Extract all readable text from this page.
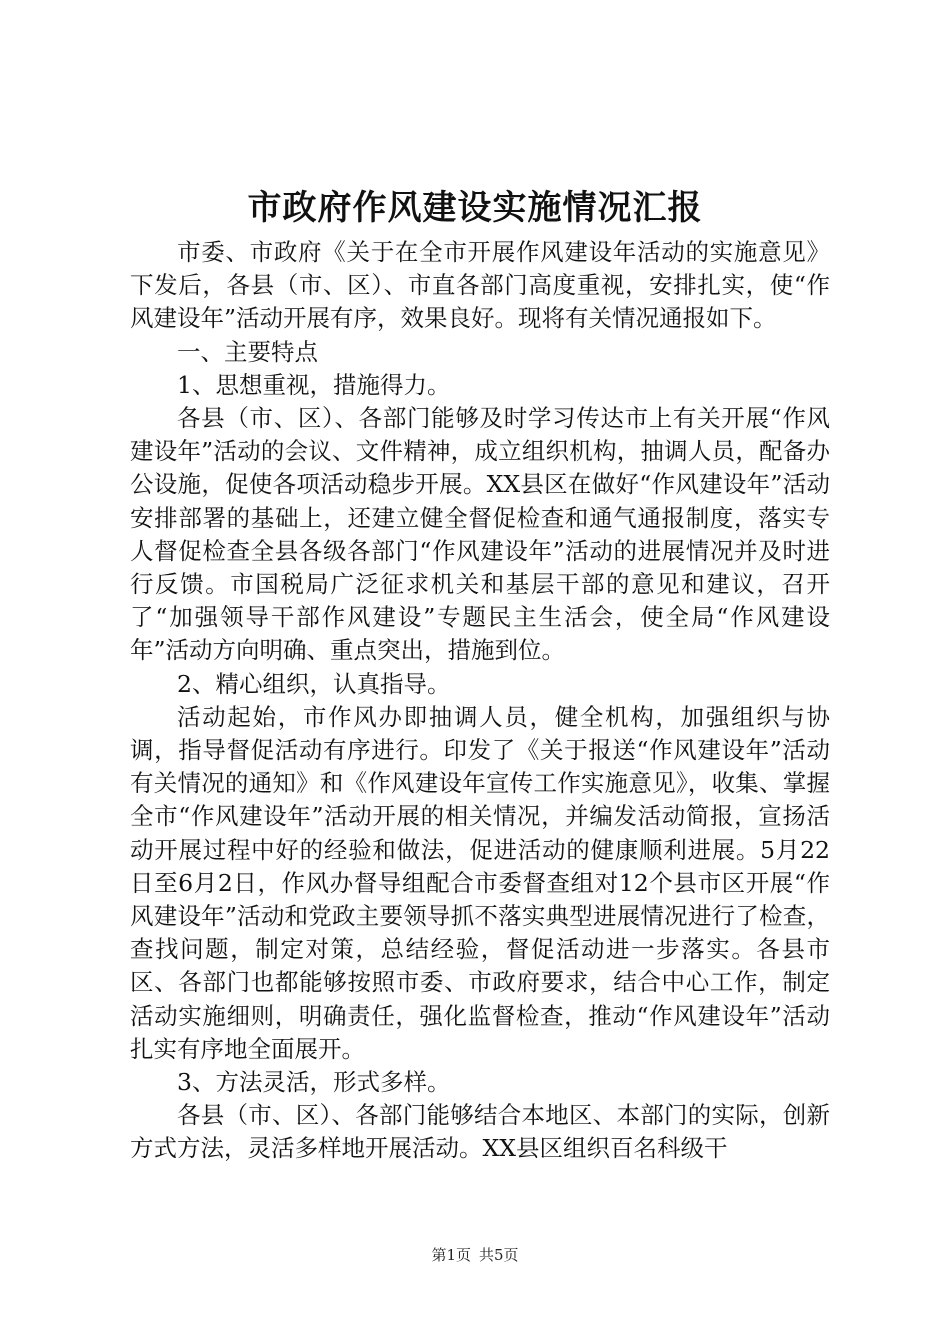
市政府作风建设实施情况汇报

市委、市政府《关于在全市开展作风建设年活动的实施意见》下发后，各县（市、区）、市直各部门高度重视，安排扎实，使“作风建设年”活动开展有序，效果良好。现将有关情况通报如下。

一、主要特点

1、思想重视，措施得力。

各县（市、区）、各部门能够及时学习传达市上有关开展“作风建设年”活动的会议、文件精神，成立组织机构，抽调人员，配备办公设施，促使各项活动稳步开展。XX县区在做好“作风建设年”活动安排部署的基础上，还建立健全督促检查和通气通报制度，落实专人督促检查全县各级各部门“作风建设年”活动的进展情况并及时进行反馈。市国税局广泛征求机关和基层干部的意见和建议，召开了“加强领导干部作风建设”专题民主生活会，使全局“作风建设年”活动方向明确、重点突出，措施到位。

2、精心组织，认真指导。

活动起始，市作风办即抽调人员，健全机构，加强组织与协调，指导督促活动有序进行。印发了《关于报送“作风建设年”活动有关情况的通知》和《作风建设年宣传工作实施意见》，收集、掌握全市“作风建设年”活动开展的相关情况，并编发活动简报，宣扬活动开展过程中好的经验和做法，促进活动的健康顺利进展。5月22日至6月2日，作风办督导组配合市委督查组对12个县市区开展“作风建设年”活动和党政主要领导抓不落实典型进展情况进行了检查，查找问题，制定对策，总结经验，督促活动进一步落实。各县市区、各部门也都能够按照市委、市政府要求，结合中心工作，制定活动实施细则，明确责任，强化监督检查，推动“作风建设年”活动扎实有序地全面展开。

3、方法灵活，形式多样。

各县（市、区）、各部门能够结合本地区、本部门的实际，创新方式方法，灵活多样地开展活动。XX县区组织百名科级干

第1页 共5页
